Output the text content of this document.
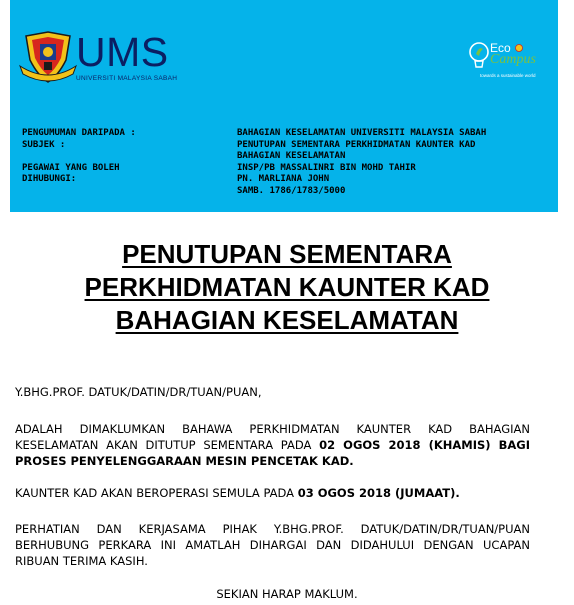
UMS
UNIVERSITI MALAYSIA SABAH
Eco
Campus
towards a sustainable world
PENGUMUMAN DARIPADA :	BAHAGIAN KESELAMATAN UNIVERSITI MALAYSIA SABAH
SUBJEK :	PENUTUPAN SEMENTARA PERKHIDMATAN KAUNTER KAD
BAHAGIAN KESELAMATAN
PEGAWAI YANG BOLEH	INSP/PB MASSALINRI BIN MOHD TAHIR
DIHUBUNGI:	PN. MARLIANA JOHN
SAMB. 1786/1783/5000
PENUTUPAN SEMENTARA
PERKHIDMATAN KAUNTER KAD
BAHAGIAN KESELAMATAN
Y.BHG.PROF. DATUK/DATIN/DR/TUAN/PUAN,
ADALAH DIMAKLUMKAN BAHAWA PERKHIDMATAN KAUNTER KAD BAHAGIAN KESELAMATAN AKAN DITUTUP SEMENTARA PADA 02 OGOS 2018 (KHAMIS) BAGI PROSES PENYELENGGARAAN MESIN PENCETAK KAD.
KAUNTER KAD AKAN BEROPERASI SEMULA PADA 03 OGOS 2018 (JUMAAT).
PERHATIAN DAN KERJASAMA PIHAK Y.BHG.PROF. DATUK/DATIN/DR/TUAN/PUAN BERHUBUNG PERKARA INI AMATLAH DIHARGAI DAN DIDAHULUI DENGAN UCAPAN RIBUAN TERIMA KASIH.
SEKIAN HARAP MAKLUM.
